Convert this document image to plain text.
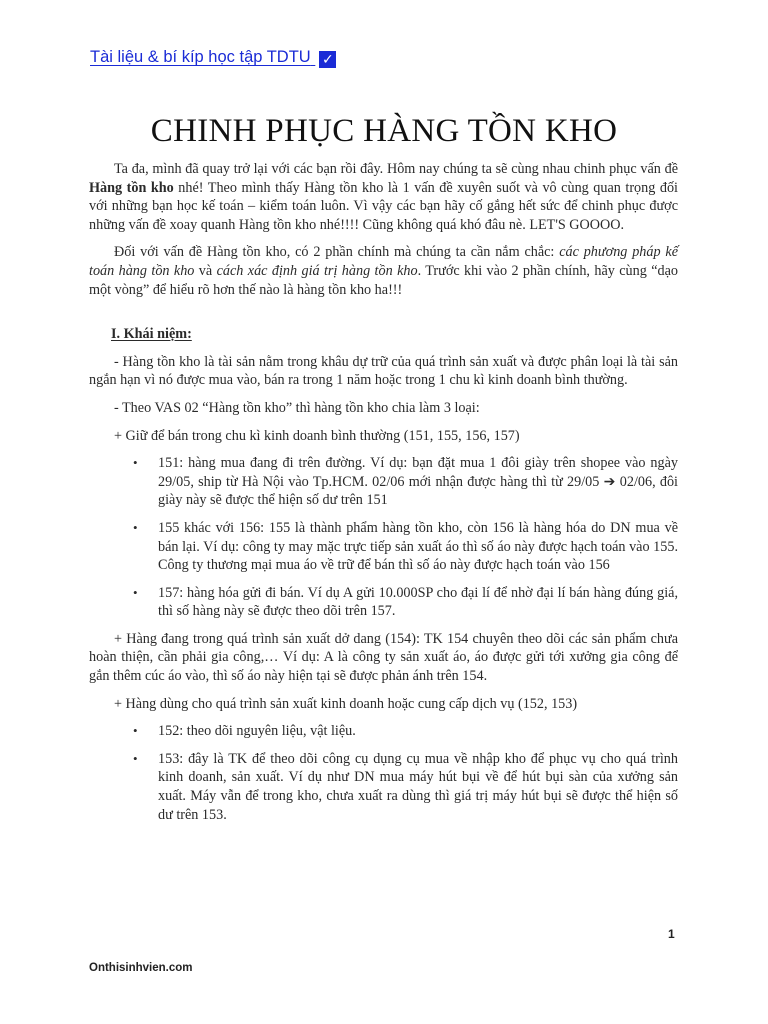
Tài liệu & bí kíp học tập TDTU ✓
CHINH PHỤC HÀNG TỒN KHO

Ta đa, mình đã quay trở lại với các bạn rồi đây. Hôm nay chúng ta sẽ cùng nhau chinh phục vấn đề Hàng tồn kho nhé! Theo mình thấy Hàng tồn kho là 1 vấn đề xuyên suốt và vô cùng quan trọng đối với những bạn học kế toán – kiểm toán luôn. Vì vậy các bạn hãy cố gắng hết sức để chinh phục được những vấn đề xoay quanh Hàng tồn kho nhé!!!! Cũng không quá khó đâu nè. LET'S GOOOO.

Đối với vấn đề Hàng tồn kho, có 2 phần chính mà chúng ta cần nắm chắc: các phương pháp kế toán hàng tồn kho và cách xác định giá trị hàng tồn kho. Trước khi vào 2 phần chính, hãy cùng “dạo một vòng” để hiểu rõ hơn thế nào là hàng tồn kho ha!!!

I. Khái niệm:

- Hàng tồn kho là tài sản nằm trong khâu dự trữ của quá trình sản xuất và được phân loại là tài sản ngắn hạn vì nó được mua vào, bán ra trong 1 năm hoặc trong 1 chu kì kinh doanh bình thường.

- Theo VAS 02 “Hàng tồn kho” thì hàng tồn kho chia làm 3 loại:

+ Giữ để bán trong chu kì kinh doanh bình thường (151, 155, 156, 157)

• 151: hàng mua đang đi trên đường. Ví dụ: bạn đặt mua 1 đôi giày trên shopee vào ngày 29/05, ship từ Hà Nội vào Tp.HCM. 02/06 mới nhận được hàng thì từ 29/05 ➔ 02/06, đôi giày này sẽ được thể hiện số dư trên 151
• 155 khác với 156: 155 là thành phẩm hàng tồn kho, còn 156 là hàng hóa do DN mua về bán lại. Ví dụ: công ty may mặc trực tiếp sản xuất áo thì số áo này được hạch toán vào 155. Công ty thương mại mua áo về trữ để bán thì số áo này được hạch toán vào 156
• 157: hàng hóa gửi đi bán. Ví dụ A gửi 10.000SP cho đại lí để nhờ đại lí bán hàng đúng giá, thì số hàng này sẽ được theo dõi trên 157.

+ Hàng đang trong quá trình sản xuất dở dang (154): TK 154 chuyên theo dõi các sản phẩm chưa hoàn thiện, cần phải gia công,… Ví dụ: A là công ty sản xuất áo, áo được gửi tới xưởng gia công để gắn thêm cúc áo vào, thì số áo này hiện tại sẽ được phản ánh trên 154.

+ Hàng dùng cho quá trình sản xuất kinh doanh hoặc cung cấp dịch vụ (152, 153)

• 152: theo dõi nguyên liệu, vật liệu.
• 153: đây là TK để theo dõi công cụ dụng cụ mua về nhập kho để phục vụ cho quá trình kinh doanh, sản xuất. Ví dụ như DN mua máy hút bụi về để hút bụi sàn của xưởng sản xuất. Máy vẫn để trong kho, chưa xuất ra dùng thì giá trị máy hút bụi sẽ được thể hiện số dư trên 153.
1
Onthisinhvien.com
